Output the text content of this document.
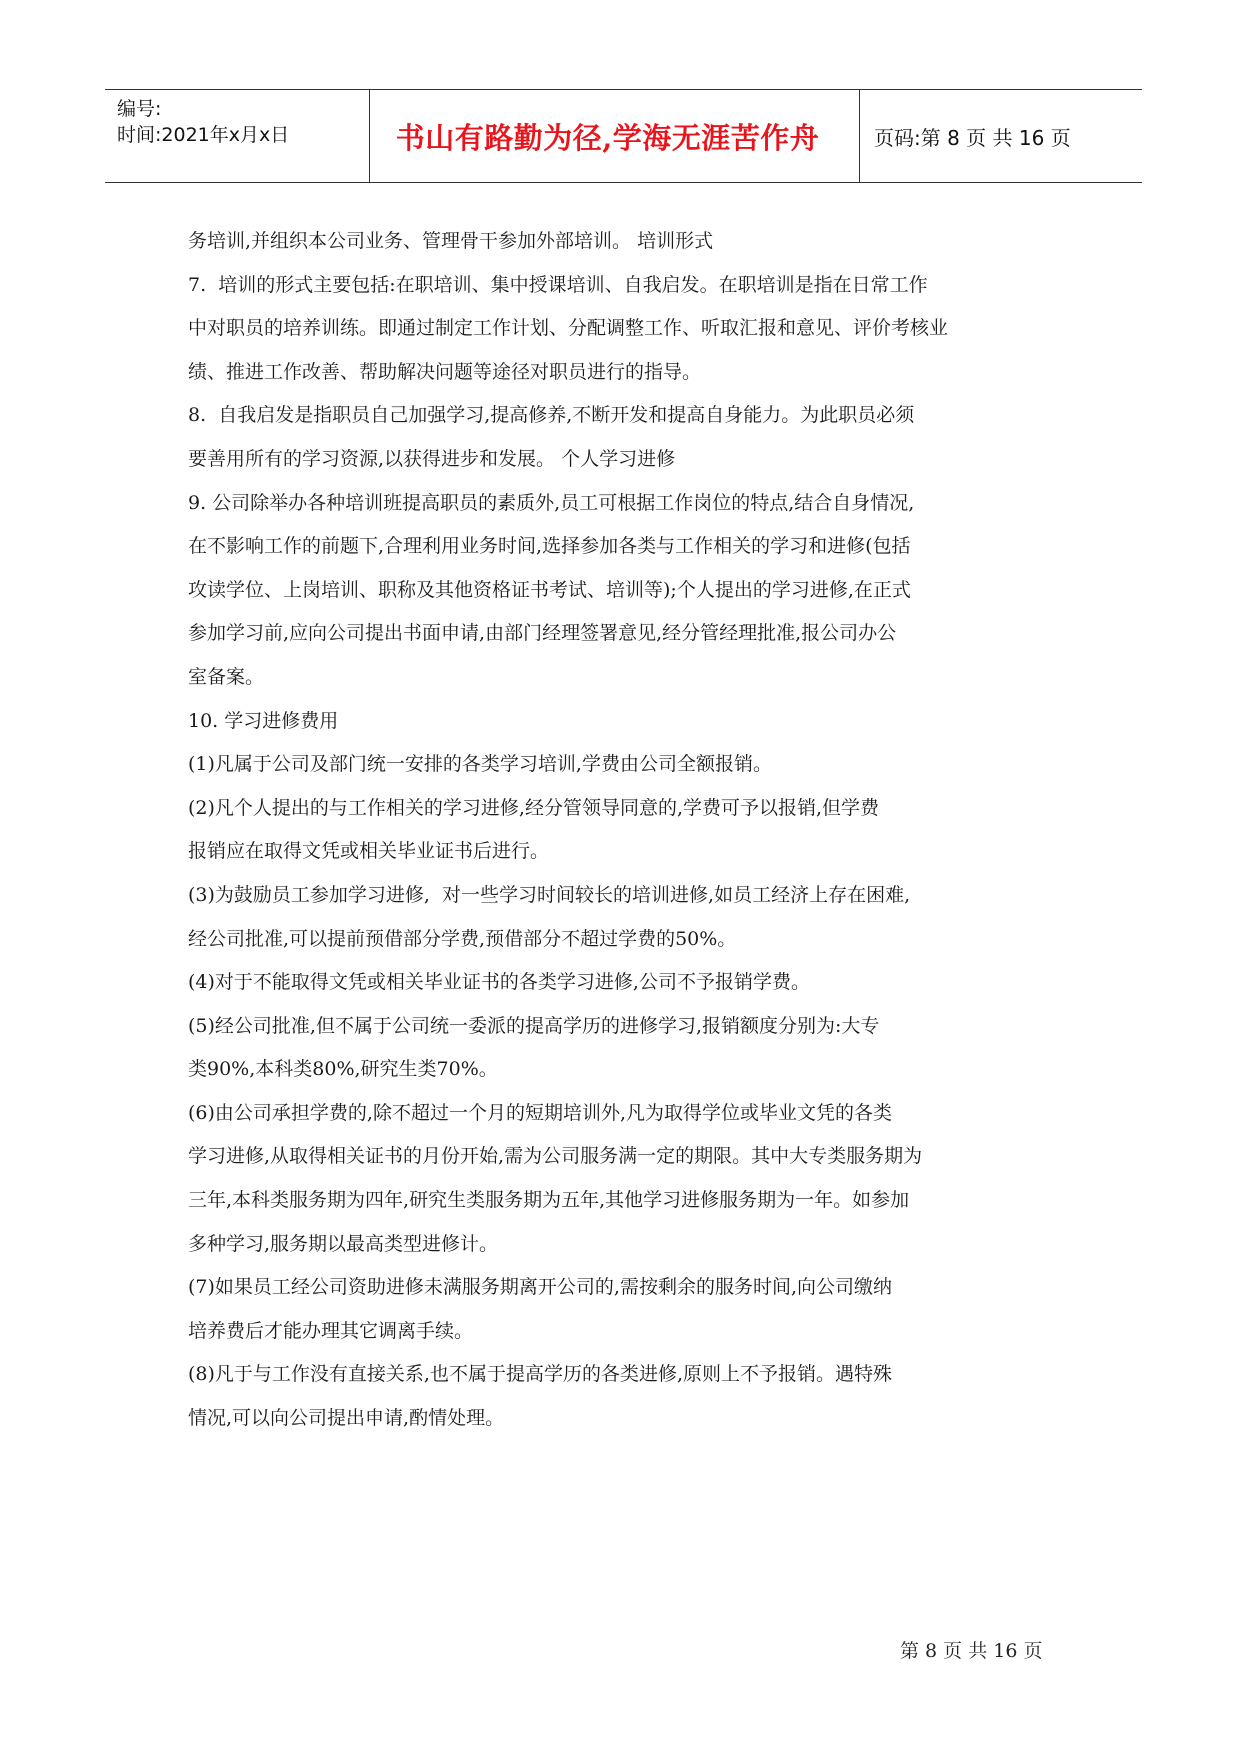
编号:
时间:2021年x月x日	书山有路勤为径,学海无涯苦作舟	页码:第 8 页 共 16 页

务培训,并组织本公司业务、管理骨干参加外部培训。 培训形式

7.  培训的形式主要包括:在职培训、集中授课培训、自我启发。在职培训是指在日常工作

中对职员的培养训练。即通过制定工作计划、分配调整工作、听取汇报和意见、评价考核业

绩、推进工作改善、帮助解决问题等途径对职员进行的指导。

8.  自我启发是指职员自己加强学习,提高修养,不断开发和提高自身能力。为此职员必须

要善用所有的学习资源,以获得进步和发展。 个人学习进修

9. 公司除举办各种培训班提高职员的素质外,员工可根据工作岗位的特点,结合自身情况,

在不影响工作的前题下,合理利用业务时间,选择参加各类与工作相关的学习和进修(包括

攻读学位、上岗培训、职称及其他资格证书考试、培训等);个人提出的学习进修,在正式

参加学习前,应向公司提出书面申请,由部门经理签署意见,经分管经理批准,报公司办公

室备案。

10. 学习进修费用

(1)凡属于公司及部门统一安排的各类学习培训,学费由公司全额报销。

(2)凡个人提出的与工作相关的学习进修,经分管领导同意的,学费可予以报销,但学费

报销应在取得文凭或相关毕业证书后进行。

(3)为鼓励员工参加学习进修,  对一些学习时间较长的培训进修,如员工经济上存在困难,

经公司批准,可以提前预借部分学费,预借部分不超过学费的50%。

(4)对于不能取得文凭或相关毕业证书的各类学习进修,公司不予报销学费。

(5)经公司批准,但不属于公司统一委派的提高学历的进修学习,报销额度分别为:大专

类90%,本科类80%,研究生类70%。

(6)由公司承担学费的,除不超过一个月的短期培训外,凡为取得学位或毕业文凭的各类

学习进修,从取得相关证书的月份开始,需为公司服务满一定的期限。其中大专类服务期为

三年,本科类服务期为四年,研究生类服务期为五年,其他学习进修服务期为一年。如参加

多种学习,服务期以最高类型进修计。

(7)如果员工经公司资助进修未满服务期离开公司的,需按剩余的服务时间,向公司缴纳

培养费后才能办理其它调离手续。

(8)凡于与工作没有直接关系,也不属于提高学历的各类进修,原则上不予报销。遇特殊

情况,可以向公司提出申请,酌情处理。

第 8 页 共 16 页
